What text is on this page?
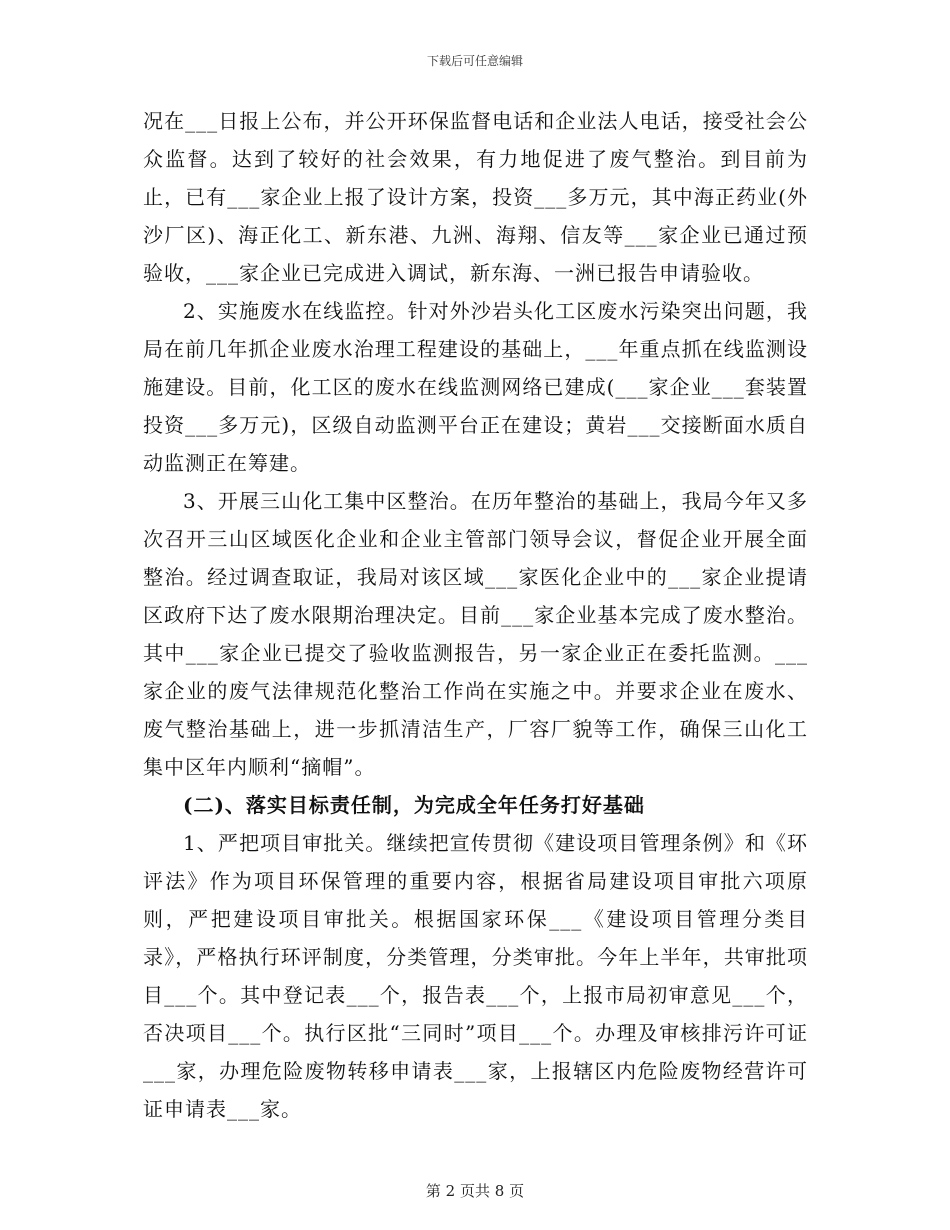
下载后可任意编辑

况在___日报上公布，并公开环保监督电话和企业法人电话，接受社会公众监督。达到了较好的社会效果，有力地促进了废气整治。到目前为止，已有___家企业上报了设计方案，投资___多万元，其中海正药业(外沙厂区)、海正化工、新东港、九洲、海翔、信友等___家企业已通过预验收，___家企业已完成进入调试，新东海、一洲已报告申请验收。

2、实施废水在线监控。针对外沙岩头化工区废水污染突出问题，我局在前几年抓企业废水治理工程建设的基础上，___年重点抓在线监测设施建设。目前，化工区的废水在线监测网络已建成(___家企业___套装置投资___多万元)，区级自动监测平台正在建设；黄岩___交接断面水质自动监测正在筹建。

3、开展三山化工集中区整治。在历年整治的基础上，我局今年又多次召开三山区域医化企业和企业主管部门领导会议，督促企业开展全面整治。经过调查取证，我局对该区域___家医化企业中的___家企业提请区政府下达了废水限期治理决定。目前___家企业基本完成了废水整治。其中___家企业已提交了验收监测报告，另一家企业正在委托监测。___家企业的废气法律规范化整治工作尚在实施之中。并要求企业在废水、废气整治基础上，进一步抓清洁生产，厂容厂貌等工作，确保三山化工集中区年内顺利“摘帽”。

(二)、落实目标责任制，为完成全年任务打好基础

1、严把项目审批关。继续把宣传贯彻《建设项目管理条例》和《环评法》作为项目环保管理的重要内容，根据省局建设项目审批六项原则，严把建设项目审批关。根据国家环保___《建设项目管理分类目录》，严格执行环评制度，分类管理，分类审批。今年上半年，共审批项目___个。其中登记表___个，报告表___个，上报市局初审意见___个，否决项目___个。执行区批“三同时”项目___个。办理及审核排污许可证___家，办理危险废物转移申请表___家，上报辖区内危险废物经营许可证申请表___家。

第 2 页共 8 页
